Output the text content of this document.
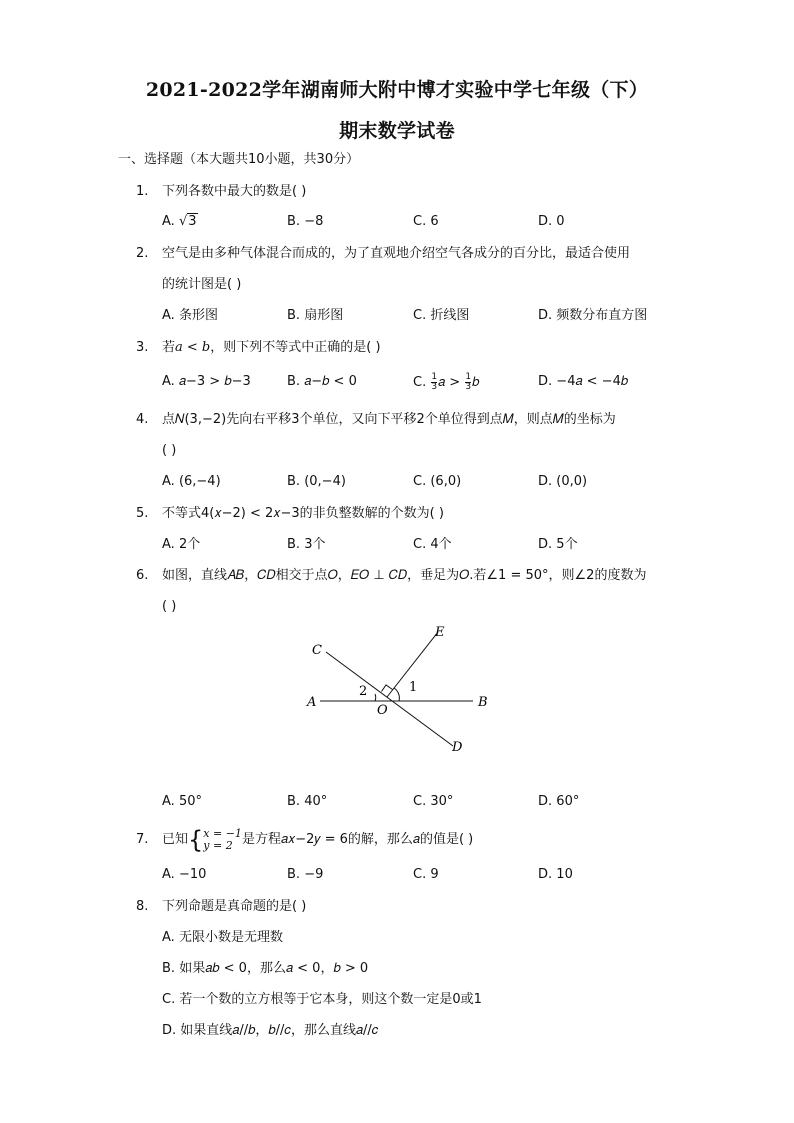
2021-2022学年湖南师大附中博才实验中学七年级（下）
期末数学试卷
一、选择题（本大题共10小题，共30分）
1. 下列各数中最大的数是( )
A. √3	B. −8	C. 6	D. 0
2. 空气是由多种气体混合而成的，为了直观地介绍空气各成分的百分比，最适合使用
的统计图是( )
A. 条形图	B. 扇形图	C. 折线图	D. 频数分布直方图
3. 若𝑎 < 𝑏，则下列不等式中正确的是( )
A. 𝑎−3 > 𝑏−3	B. 𝑎−𝑏 < 0	C. $\frac{1}{3}$ 𝑎 > $\frac{1}{3}$ 𝑏	D. −4𝑎 < −4𝑏
4. 点𝑁(3,−2)先向右平移3个单位，又向下平移2个单位得到点𝑀，则点𝑀的坐标为
( )
A. (6,−4)	B. (0,−4)	C. (6,0)	D. (0,0)
5. 不等式4(𝑥−2) < 2𝑥−3的非负整数解的个数为( )
A. 2个	B. 3个	C. 4个	D. 5个
6. 如图，直线𝐴𝐵，𝐶𝐷相交于点𝑂，𝐸𝑂 ⊥ 𝐶𝐷，垂足为𝑂.若∠1 = 50°，则∠2的度数为
( )
C
E
A	B
O
D
1
2
A. 50°	B. 40°	C. 30°	D. 60°
7. 已知{ 𝑥 = −1
𝑦 = 2 是方程𝑎𝑥−2𝑦 = 6的解，那么𝑎的值是( )
A. −10	B. −9	C. 9	D. 10
8. 下列命题是真命题的是( )
A. 无限小数是无理数
B. 如果𝑎𝑏 < 0，那么𝑎 < 0，𝑏 > 0
C. 若一个数的立方根等于它本身，则这个数一定是0或1
D. 如果直线𝑎//𝑏，𝑏//𝑐，那么直线𝑎//𝑐
